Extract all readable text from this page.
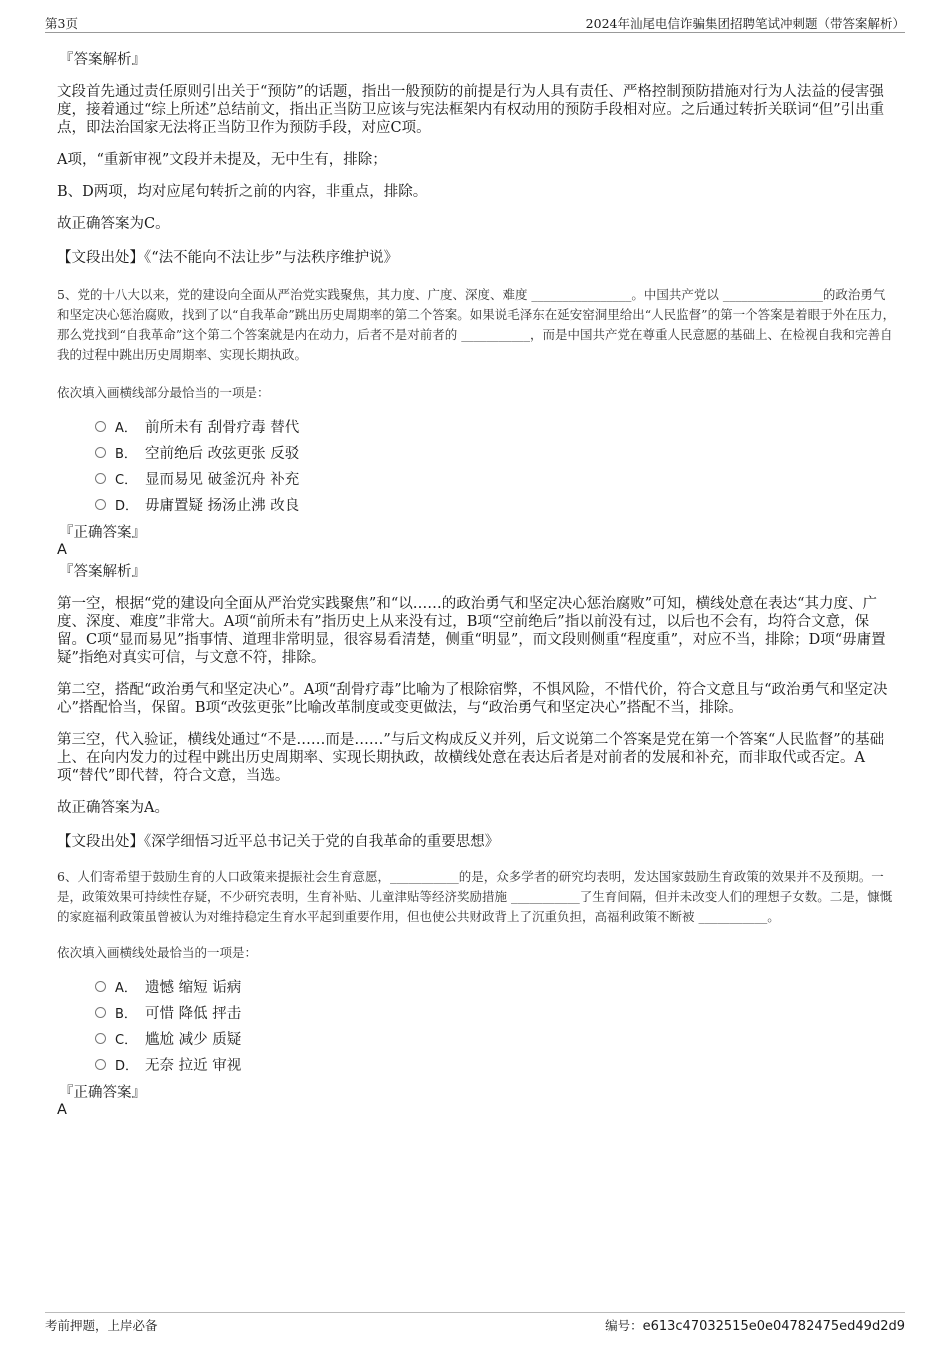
第3页	2024年汕尾电信诈骗集团招聘笔试冲刺题（带答案解析）
『答案解析』

文段首先通过责任原则引出关于“预防”的话题，指出一般预防的前提是行为人具有责任、严格控制预防措施对行为人法益的侵害强度，接着通过“综上所述”总结前文，指出正当防卫应该与宪法框架内有权动用的预防手段相对应。之后通过转折关联词“但”引出重点，即法治国家无法将正当防卫作为预防手段，对应C项。

A项，“重新审视”文段并未提及，无中生有，排除；

B、D两项，均对应尾句转折之前的内容，非重点，排除。

故正确答案为C。

【文段出处】《“法不能向不法让步”与法秩序维护说》

5、党的十八大以来，党的建设向全面从严治党实践聚焦，其力度、广度、深度、难度 ________________。中国共产党以 ________________的政治勇气和坚定决心惩治腐败，找到了以“自我革命”跳出历史周期率的第二个答案。如果说毛泽东在延安窑洞里给出“人民监督”的第一个答案是着眼于外在压力，那么党找到“自我革命”这个第二个答案就是内在动力，后者不是对前者的 ___________，而是中国共产党在尊重人民意愿的基础上、在检视自我和完善自我的过程中跳出历史周期率、实现长期执政。

依次填入画横线部分最恰当的一项是：

A． 前所未有 刮骨疗毒 替代
B． 空前绝后 改弦更张 反驳
C． 显而易见 破釜沉舟 补充
D． 毋庸置疑 扬汤止沸 改良
『正确答案』
A
『答案解析』

第一空，根据“党的建设向全面从严治党实践聚焦”和“以……的政治勇气和坚定决心惩治腐败”可知，横线处意在表达“其力度、广度、深度、难度”非常大。A项“前所未有”指历史上从来没有过，B项“空前绝后”指以前没有过，以后也不会有，均符合文意，保留。C项“显而易见”指事情、道理非常明显，很容易看清楚，侧重“明显”，而文段则侧重“程度重”，对应不当，排除；D项“毋庸置疑”指绝对真实可信，与文意不符，排除。

第二空，搭配“政治勇气和坚定决心”。A项“刮骨疗毒”比喻为了根除宿弊，不惧风险，不惜代价，符合文意且与“政治勇气和坚定决心”搭配恰当，保留。B项“改弦更张”比喻改革制度或变更做法，与“政治勇气和坚定决心”搭配不当，排除。

第三空，代入验证，横线处通过“不是……而是……”与后文构成反义并列，后文说第二个答案是党在第一个答案“人民监督”的基础上、在向内发力的过程中跳出历史周期率、实现长期执政，故横线处意在表达后者是对前者的发展和补充，而非取代或否定。A项“替代”即代替，符合文意，当选。

故正确答案为A。

【文段出处】《深学细悟习近平总书记关于党的自我革命的重要思想》

6、人们寄希望于鼓励生育的人口政策来提振社会生育意愿，___________的是，众多学者的研究均表明，发达国家鼓励生育政策的效果并不及预期。一是，政策效果可持续性存疑，不少研究表明，生育补贴、儿童津贴等经济奖励措施 ___________了生育间隔，但并未改变人们的理想子女数。二是，慷慨的家庭福利政策虽曾被认为对维持稳定生育水平起到重要作用，但也使公共财政背上了沉重负担，高福利政策不断被 ___________。

依次填入画横线处最恰当的一项是：

A． 遗憾 缩短 诟病
B． 可惜 降低 抨击
C． 尴尬 减少 质疑
D． 无奈 拉近 审视
『正确答案』
A
考前押题，上岸必备	编号：e613c47032515e0e04782475ed49d2d9
